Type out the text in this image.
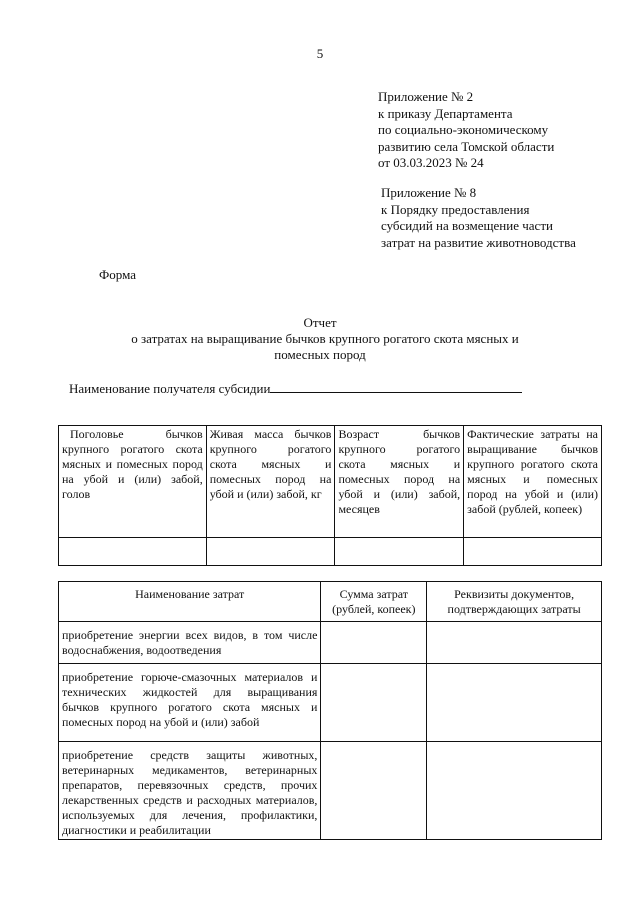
5
Приложение № 2
к приказу Департамента
по социально-экономическому
развитию села Томской области
от 03.03.2023 № 24
Приложение № 8
к Порядку предоставления
субсидий на возмещение части
затрат на развитие животноводства
Форма
Отчет
о затратах на выращивание бычков крупного рогатого скота мясных и
помесных пород
Наименование получателя субсидии
Поголовье бычков крупного рогатого скота мясных и помесных пород на убой и (или) забой, голов	Живая масса бычков крупного рогатого скота мясных и помесных пород на убой и (или) забой, кг	Возраст бычков крупного рогатого скота мясных и помесных пород на убой и (или) забой, месяцев	Фактические затраты на выращивание бычков крупного рогатого скота мясных и помесных пород на убой и (или) забой (рублей, копеек)

Наименование затрат	Сумма затрат (рублей, копеек)	Реквизиты документов, подтверждающих затраты
приобретение энергии всех видов, в том числе водоснабжения, водоотведения		
приобретение горюче-смазочных материалов и технических жидкостей для выращивания бычков крупного рогатого скота мясных и помесных пород на убой и (или) забой		
приобретение средств защиты животных, ветеринарных медикаментов, ветеринарных препаратов, перевязочных средств, прочих лекарственных средств и расходных материалов, используемых для лечения, профилактики, диагностики и реабилитации		
